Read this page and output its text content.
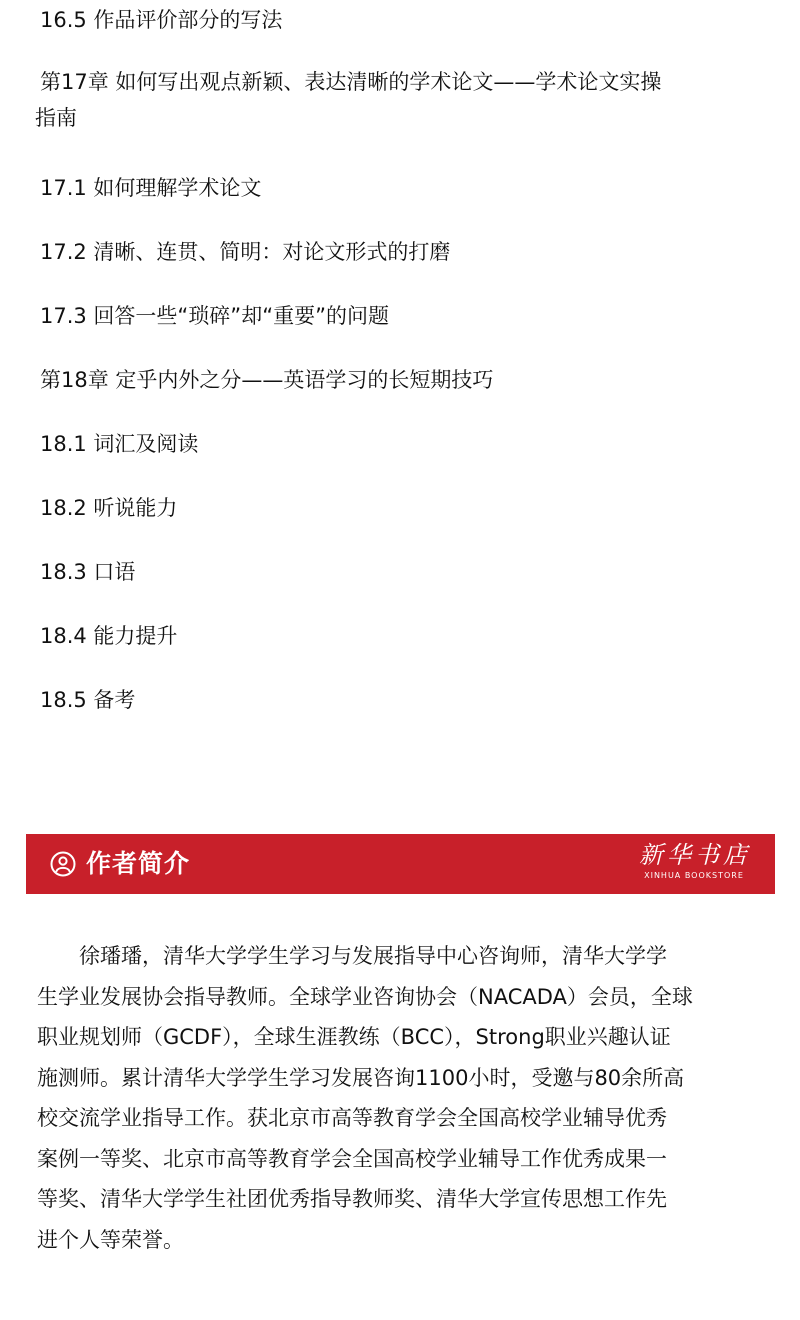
16.5 作品评价部分的写法
第17章 如何写出观点新颖、表达清晰的学术论文——学术论文实操
指南
17.1 如何理解学术论文
17.2 清晰、连贯、简明：对论文形式的打磨
17.3 回答一些“琐碎”却“重要”的问题
第18章 定乎内外之分——英语学习的长短期技巧
18.1 词汇及阅读
18.2 听说能力
18.3 口语
18.4 能力提升
18.5 备考
作者简介	新华书店
XINHUA BOOKSTORE
徐璠璠，清华大学学生学习与发展指导中心咨询师，清华大学学
生学业发展协会指导教师。全球学业咨询协会（NACADA）会员，全球
职业规划师（GCDF），全球生涯教练（BCC），Strong职业兴趣认证
施测师。累计清华大学学生学习发展咨询1100小时，受邀与80余所高
校交流学业指导工作。获北京市高等教育学会全国高校学业辅导优秀
案例一等奖、北京市高等教育学会全国高校学业辅导工作优秀成果一
等奖、清华大学学生社团优秀指导教师奖、清华大学宣传思想工作先
进个人等荣誉。
